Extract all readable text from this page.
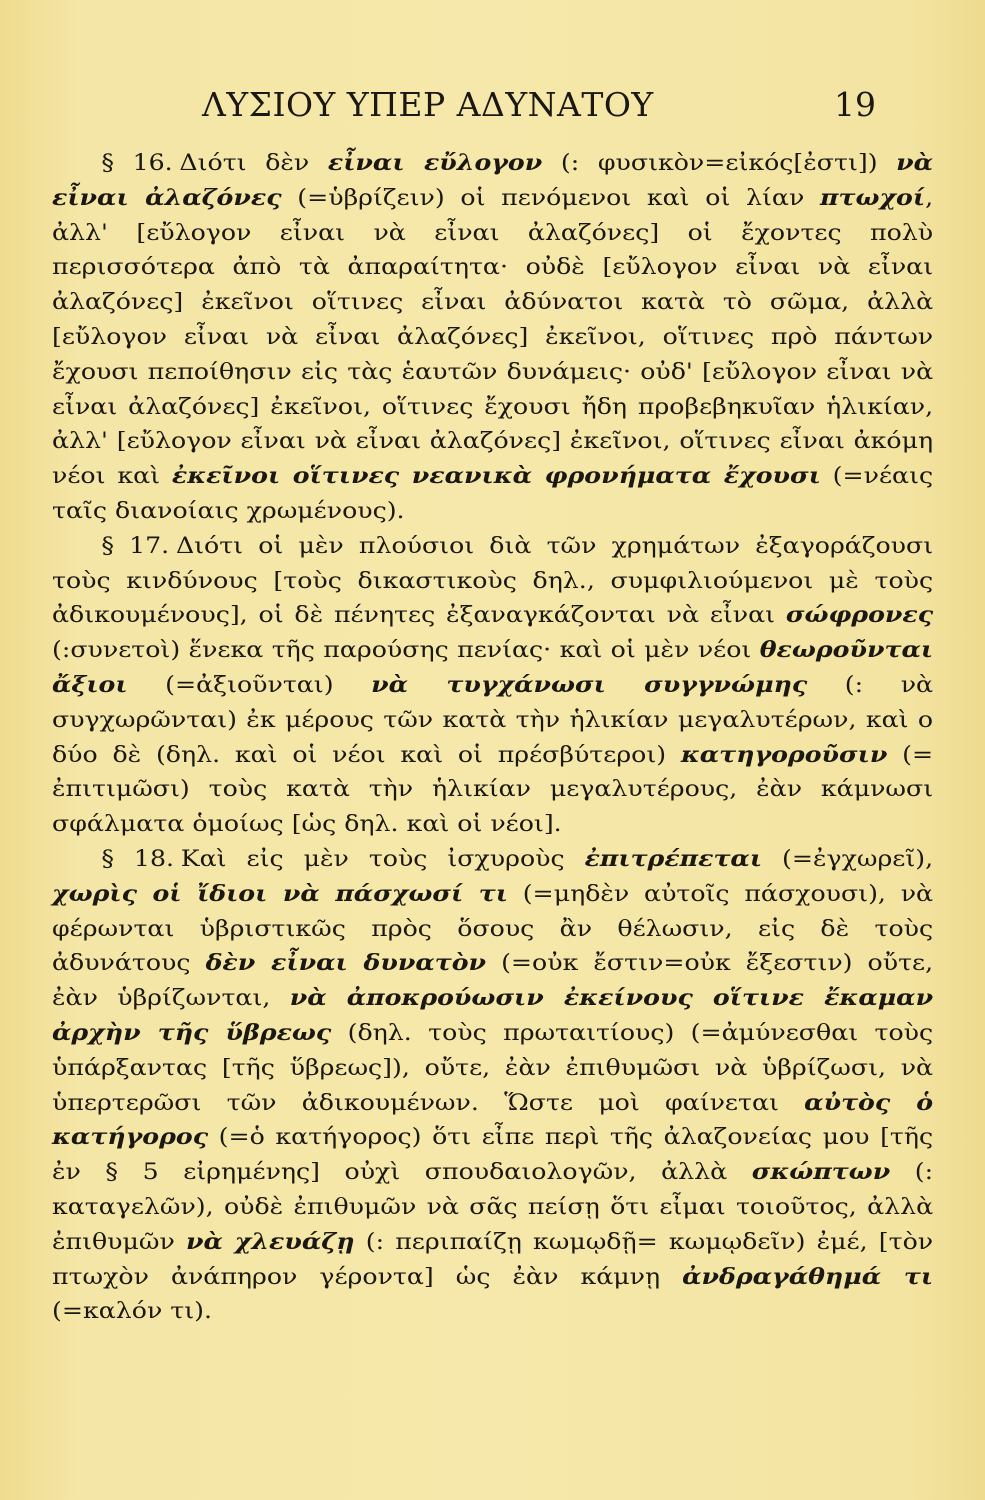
ΛΥΣΙΟΥ ΥΠΕΡ ΑΔΥΝΑΤΟΥ	19

§ 16. Διότι δὲν εἶναι εὔλογον (: φυσικὸν=εἰκός[ἐστι]) νὰ εἶναι ἀλαζόνες (=ὑβρίζειν) οἱ πενόμενοι καὶ οἱ λίαν πτωχοί, ἀλλ' [εὔλογον εἶναι νὰ εἶναι ἀλαζόνες] οἱ ἔχοντες πολὺ περισσότερα ἀπὸ τὰ ἀπαραίτητα· οὐδὲ [εὔλογον εἶναι νὰ εἶναι ἀλαζόνες] ἐκεῖνοι οἵτινες εἶναι ἀδύνατοι κατὰ τὸ σῶμα, ἀλλὰ [εὔλογον εἶναι νὰ εἶναι ἀλαζόνες] ἐκεῖνοι, οἵτινες πρὸ πάντων ἔχουσι πεποίθησιν εἰς τὰς ἑαυτῶν δυνάμεις· οὐδ' [εὔλογον εἶναι νὰ εἶναι ἀλαζόνες] ἐκεῖνοι, οἵτινες ἔχουσι ἤδη προβεβηκυῖαν ἡλικίαν, ἀλλ' [εὔλογον εἶναι νὰ εἶναι ἀλαζόνες] ἐκεῖνοι, οἵτινες εἶναι ἀκόμη νέοι καὶ ἐκεῖνοι οἵτινες νεανικὰ φρονήματα ἔχουσι (=νέαις ταῖς διανοίαις χρωμένους).

§ 17. Διότι οἱ μὲν πλούσιοι διὰ τῶν χρημάτων ἐξαγοράζουσι τοὺς κινδύνους [τοὺς δικαστικοὺς δηλ., συμφιλιούμενοι μὲ τοὺς ἀδικουμένους], οἱ δὲ πένητες ἐξαναγκάζονται νὰ εἶναι σώφρονες (:συνετοὶ) ἕνεκα τῆς παρούσης πενίας· καὶ οἱ μὲν νέοι θεωροῦνται ἄξιοι (=ἀξιοῦνται) νὰ τυγχάνωσι συγγνώμης (: νὰ συγχωρῶνται) ἐκ μέρους τῶν κατὰ τὴν ἡλικίαν μεγαλυτέρων, καὶ ο δύο δὲ (δηλ. καὶ οἱ νέοι καὶ οἱ πρέσβύτεροι) κατηγοροῦσιν (= ἐπιτιμῶσι) τοὺς κατὰ τὴν ἡλικίαν μεγαλυτέρους, ἐὰν κάμνωσι σφάλματα ὁμοίως [ὡς δηλ. καὶ οἱ νέοι].

§ 18. Καὶ εἰς μὲν τοὺς ἰσχυροὺς ἐπιτρέπεται (=ἐγχωρεῖ), χωρὶς οἱ ἴδιοι νὰ πάσχωσί τι (=μηδὲν αὐτοῖς πάσχουσι), νὰ φέρωνται ὑβριστικῶς πρὸς ὅσους ἂν θέλωσιν, εἰς δὲ τοὺς ἀδυνάτους δὲν εἶναι δυνατὸν (=οὐκ ἔστιν=οὐκ ἔξεστιν) οὔτε, ἐὰν ὑβρίζωνται, νὰ ἀποκρούωσιν ἐκείνους οἵτινε ἔκαμαν ἀρχὴν τῆς ὕβρεως (δηλ. τοὺς πρωταιτίους) (=ἀμύνεσθαι τοὺς ὑπάρξαντας [τῆς ὕβρεως]), οὔτε, ἐὰν ἐπιθυμῶσι νὰ ὑβρίζωσι, νὰ ὑπερτερῶσι τῶν ἀδικουμένων. Ὥστε μοὶ φαίνεται αὐτὸς ὁ κατήγορος (=ὁ κατήγορος) ὅτι εἶπε περὶ τῆς ἀλαζονείας μου [τῆς ἐν § 5 εἰρημένης] οὐχὶ σπουδαιολογῶν, ἀλλὰ σκώπτων (: καταγελῶν), οὐδὲ ἐπιθυμῶν νὰ σᾶς πείσῃ ὅτι εἶμαι τοιοῦτος, ἀλλὰ ἐπιθυμῶν νὰ χλευάζῃ (: περιπαίζῃ κωμῳδῇ= κωμῳδεῖν) ἐμέ, [τὸν πτωχὸν ἀνάπηρον γέροντα] ὡς ἐὰν κάμνῃ ἀνδραγάθημά τι (=καλόν τι).
